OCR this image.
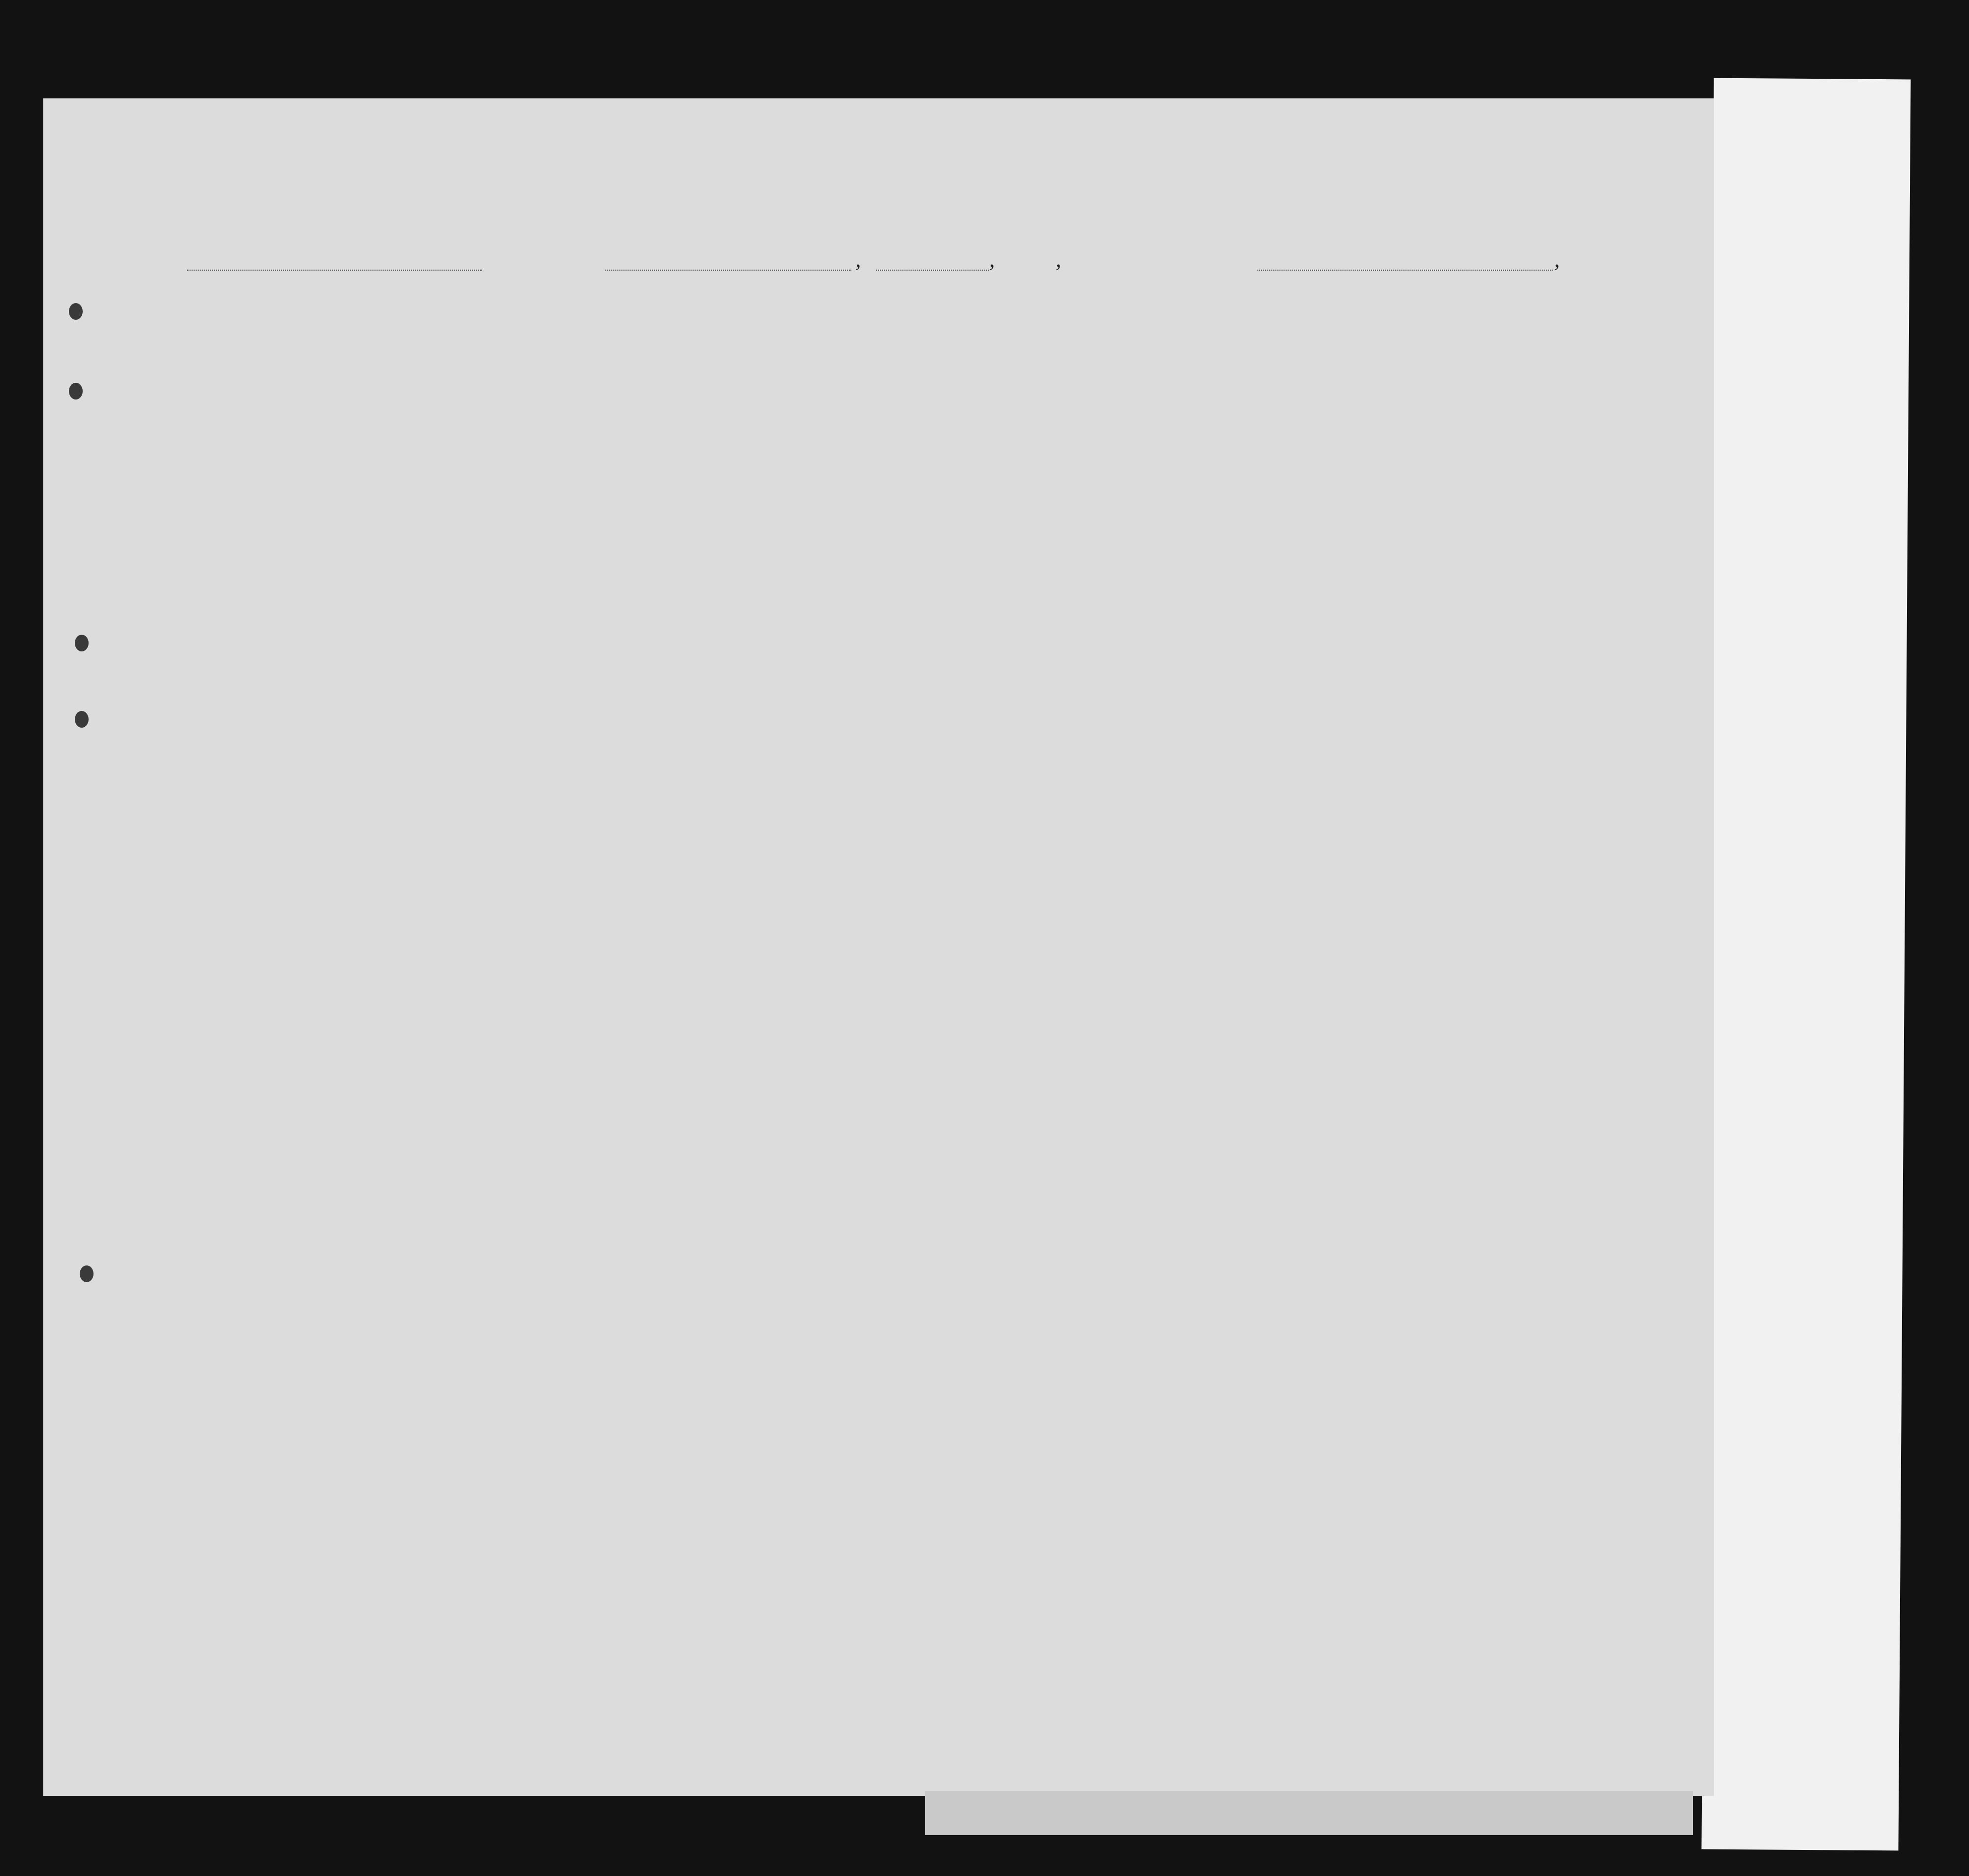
,	,	,	,
